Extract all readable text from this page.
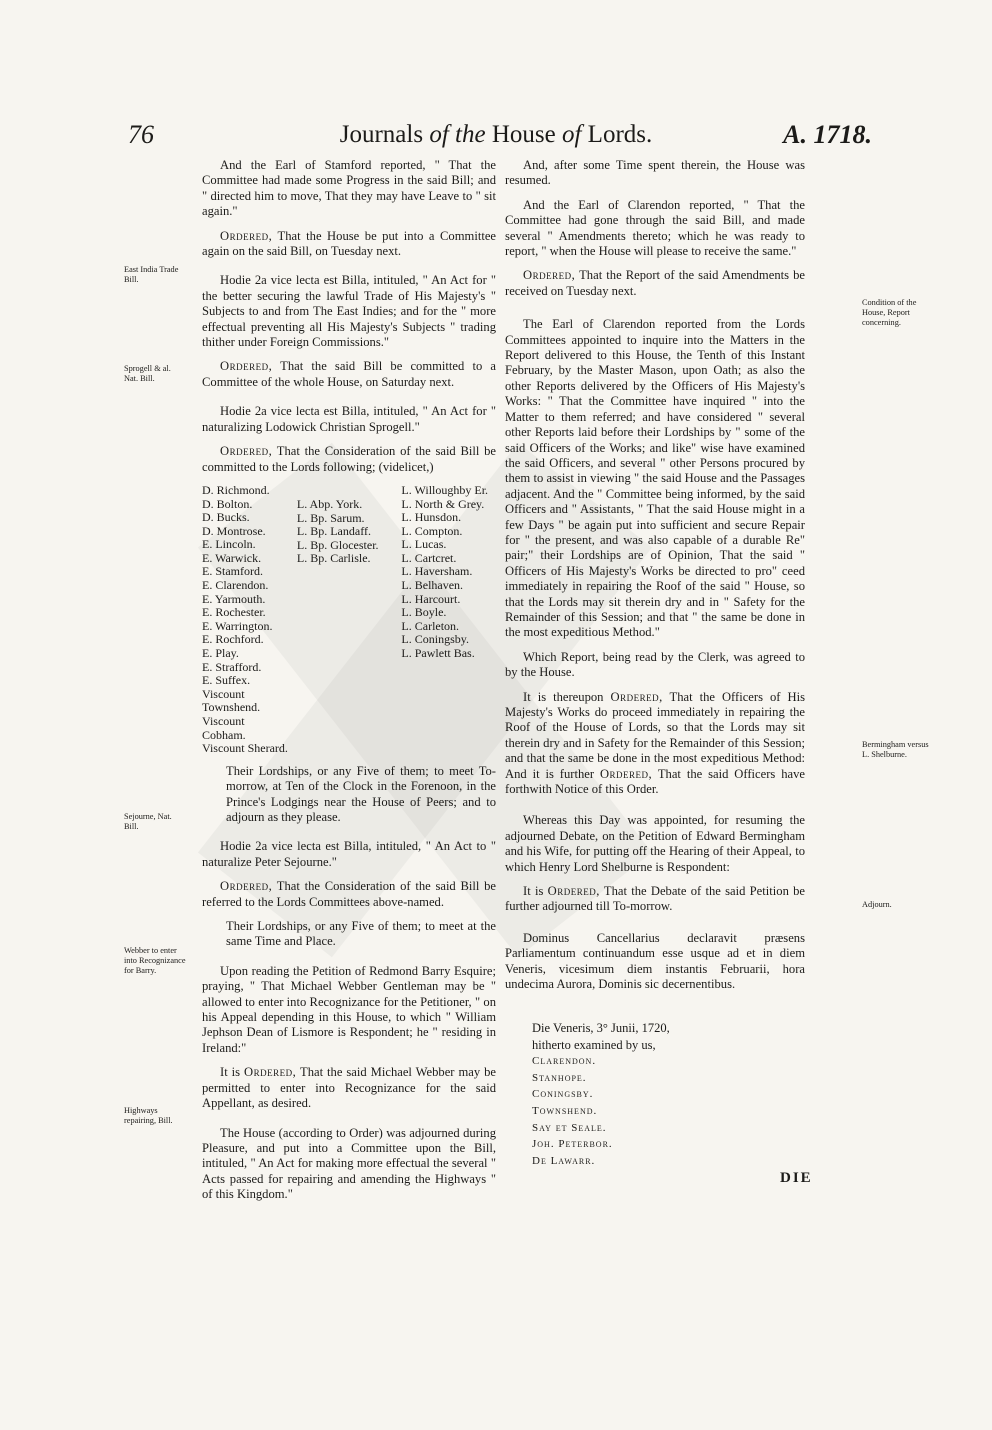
76	Journals of the House of Lords.	A. 1718.
East India Trade Bill.
Sprogell & al. Nat. Bill.
Sejourne, Nat. Bill.
Webber to enter into Recognizance for Barry.
Highways repairing, Bill.
Condition of the House, Report concerning.
Bermingham versus L. Shelburne.
Adjourn.

And the Earl of Stamford reported, " That the Committee had made some Progress in the said Bill; and " directed him to move, That they may have Leave to " sit again."

Ordered, That the House be put into a Committee again on the said Bill, on Tuesday next.

Hodie 2a vice lecta est Billa, intituled, " An Act for " the better securing the lawful Trade of His Majesty's " Subjects to and from The East Indies; and for the " more effectual preventing all His Majesty's Subjects " trading thither under Foreign Commissions."

Ordered, That the said Bill be committed to a Committee of the whole House, on Saturday next.

Hodie 2a vice lecta est Billa, intituled, " An Act for " naturalizing Lodowick Christian Sprogell."

Ordered, That the Consideration of the said Bill be committed to the Lords following; (videlicet,)

D. Richmond.
D. Bolton.
D. Bucks.
D. Montrose.
E. Lincoln.
E. Warwick.
E. Stamford.
E. Clarendon.
E. Yarmouth.
E. Rochester.
E. Warrington.
E. Rochford.
E. Play.
E. Strafford.
E. Suffex.
Viscount Townshend.
Viscount Cobham.
Viscount Sherard.
L. Abp. York.
L. Bp. Sarum.
L. Bp. Landaff.
L. Bp. Glocester.
L. Bp. Carlisle.
L. Willoughby Er.
L. North & Grey.
L. Hunsdon.
L. Compton.
L. Lucas.
L. Cartcret.
L. Haversham.
L. Belhaven.
L. Harcourt.
L. Boyle.
L. Carleton.
L. Coningsby.
L. Pawlett Bas.

Their Lordships, or any Five of them; to meet To-morrow, at Ten of the Clock in the Forenoon, in the Prince's Lodgings near the House of Peers; and to adjourn as they please.

Hodie 2a vice lecta est Billa, intituled, " An Act to " naturalize Peter Sejourne."

Ordered, That the Consideration of the said Bill be referred to the Lords Committees above-named.

Their Lordships, or any Five of them; to meet at the same Time and Place.

Upon reading the Petition of Redmond Barry Esquire; praying, " That Michael Webber Gentleman may be " allowed to enter into Recognizance for the Petitioner, " on his Appeal depending in this House, to which " William Jephson Dean of Lismore is Respondent; he " residing in Ireland:"

It is Ordered, That the said Michael Webber may be permitted to enter into Recognizance for the said Appellant, as desired.

The House (according to Order) was adjourned during Pleasure, and put into a Committee upon the Bill, intituled, " An Act for making more effectual the several " Acts passed for repairing and amending the Highways " of this Kingdom."

And, after some Time spent therein, the House was resumed.

And the Earl of Clarendon reported, " That the Committee had gone through the said Bill, and made several " Amendments thereto; which he was ready to report, " when the House will please to receive the same."

Ordered, That the Report of the said Amendments be received on Tuesday next.

The Earl of Clarendon reported from the Lords Committees appointed to inquire into the Matters in the Report delivered to this House, the Tenth of this Instant February, by the Master Mason, upon Oath; as also the other Reports delivered by the Officers of His Majesty's Works: " That the Committee have inquired " into the Matter to them referred; and have considered " several other Reports laid before their Lordships by " some of the said Officers of the Works; and like" wise have examined the said Officers, and several " other Persons procured by them to assist in viewing " the said House and the Passages adjacent. And the " Committee being informed, by the said Officers and " Assistants, " That the said House might in a few Days " be again put into sufficient and secure Repair for " the present, and was also capable of a durable Re" pair;" their Lordships are of Opinion, That the said " Officers of His Majesty's Works be directed to pro" ceed immediately in repairing the Roof of the said " House, so that the Lords may sit therein dry and in " Safety for the Remainder of this Session; and that " the same be done in the most expeditious Method."

Which Report, being read by the Clerk, was agreed to by the House.

It is thereupon Ordered, That the Officers of His Majesty's Works do proceed immediately in repairing the Roof of the House of Lords, so that the Lords may sit therein dry and in Safety for the Remainder of this Session; and that the same be done in the most expeditious Method: And it is further Ordered, That the said Officers have forthwith Notice of this Order.

Whereas this Day was appointed, for resuming the adjourned Debate, on the Petition of Edward Bermingham and his Wife, for putting off the Hearing of their Appeal, to which Henry Lord Shelburne is Respondent:

It is Ordered, That the Debate of the said Petition be further adjourned till To-morrow.

Dominus Cancellarius declaravit præsens Parliamentum continuandum esse usque ad et in diem Veneris, vicesimum diem instantis Februarii, hora undecima Aurora, Dominis sic decernentibus.

Die Veneris, 3° Junii, 1720,
hitherto examined by us,
Clarendon.
Stanhope.
Coningsby.
Townshend.
Say et Seale.
Joh. Peterbor.
De Lawarr.
DIE
